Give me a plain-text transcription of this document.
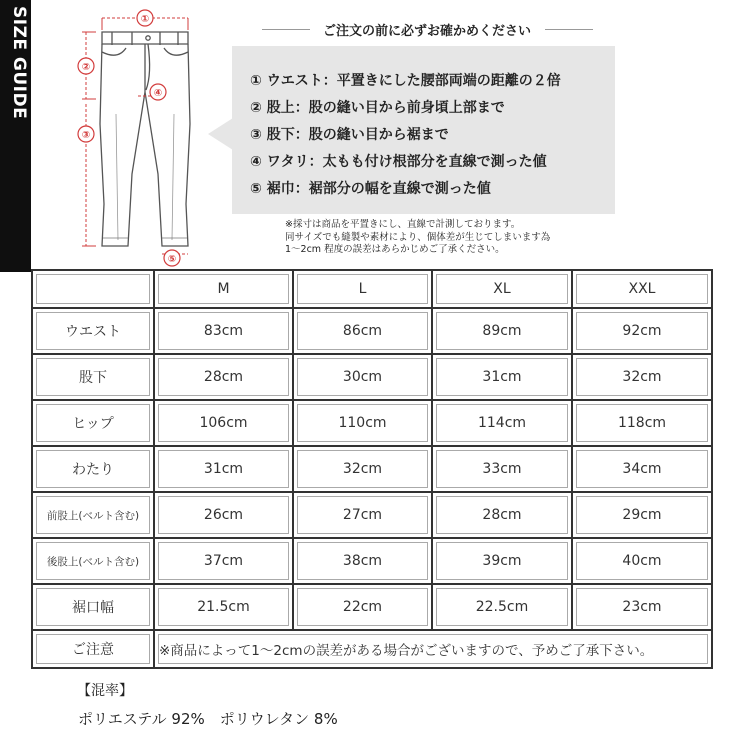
SIZE GUIDE	①
②
③
④
⑤
ご注文の前に必ずお確かめください
① ウエスト：平置きにした腰部両端の距離の２倍
② 股上：股の縫い目から前身頃上部まで
③ 股下：股の縫い目から裾まで
④ ワタリ：太もも付け根部分を直線で測った値
⑤ 裾巾：裾部分の幅を直線で測った値
※採寸は商品を平置きにし、直線で計測しております。
同サイズでも縫製や素材により、個体差が生じてしまいます為
1〜2cm 程度の誤差はあらかじめご了承ください。
	M	L	XL	XXL
ウエスト	83cm	86cm	89cm	92cm
股下	28cm	30cm	31cm	32cm
ヒップ	106cm	110cm	114cm	118cm
わたり	31cm	32cm	33cm	34cm
前股上(ベルト含む)	26cm	27cm	28cm	29cm
後股上(ベルト含む)	37cm	38cm	39cm	40cm
裾口幅	21.5cm	22cm	22.5cm	23cm
ご注意	※商品によって1〜2cmの誤差がある場合がございますので、予めご了承下さい。			
【混率】
ポリエステル 92%　ポリウレタン 8%
